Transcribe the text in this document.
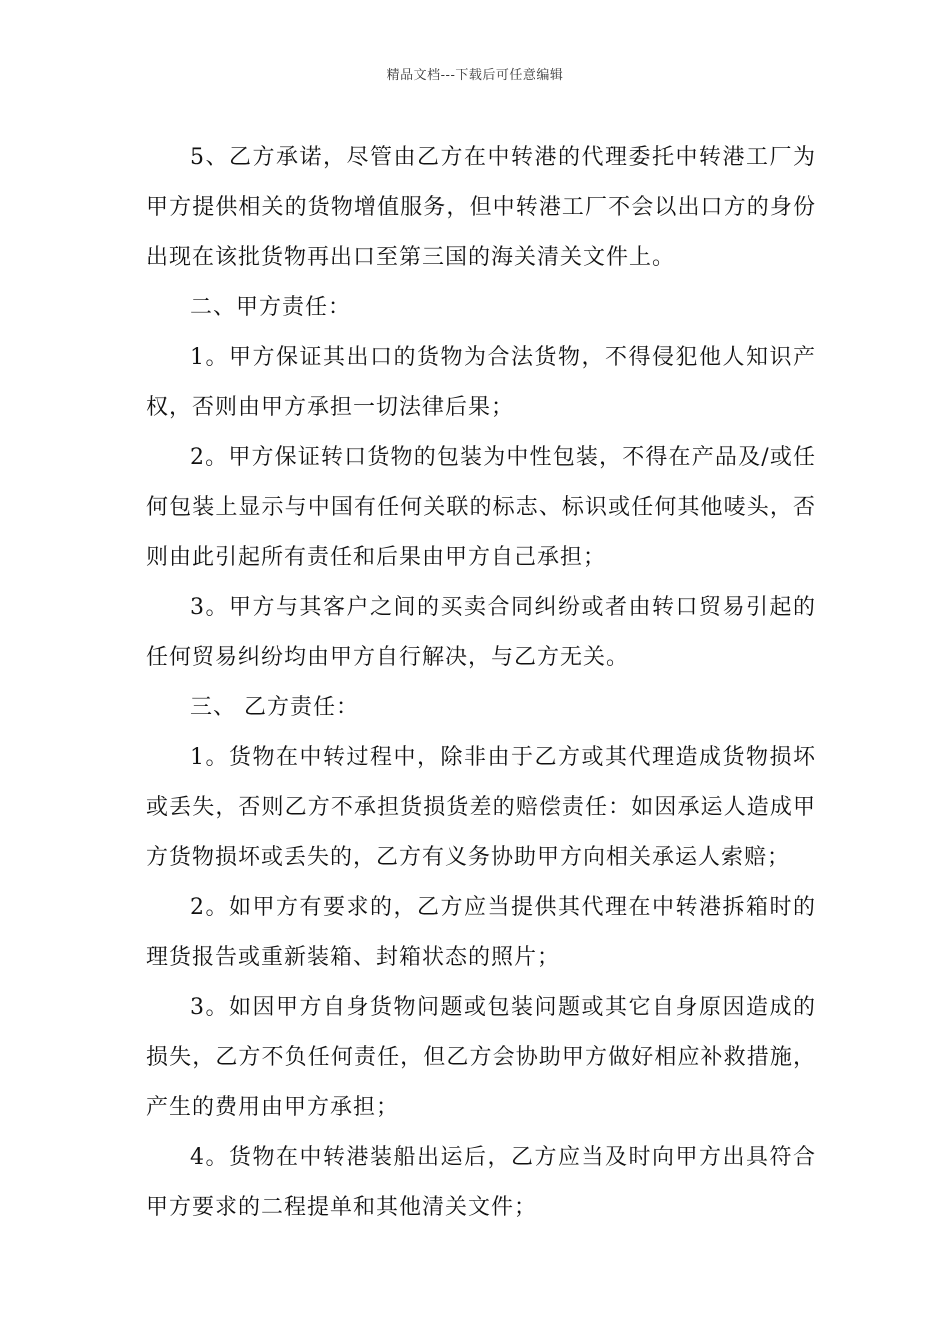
精品文档---下载后可任意编辑

5、乙方承诺，尽管由乙方在中转港的代理委托中转港工厂为甲方提供相关的货物增值服务，但中转港工厂不会以出口方的身份出现在该批货物再出口至第三国的海关清关文件上。

二、甲方责任：

1。甲方保证其出口的货物为合法货物，不得侵犯他人知识产权，否则由甲方承担一切法律后果；

2。甲方保证转口货物的包装为中性包装，不得在产品及/或任何包装上显示与中国有任何关联的标志、标识或任何其他唛头，否则由此引起所有责任和后果由甲方自己承担；

3。甲方与其客户之间的买卖合同纠纷或者由转口贸易引起的任何贸易纠纷均由甲方自行解决，与乙方无关。

三、 乙方责任：

1。货物在中转过程中，除非由于乙方或其代理造成货物损坏或丢失，否则乙方不承担货损货差的赔偿责任：如因承运人造成甲方货物损坏或丢失的，乙方有义务协助甲方向相关承运人索赔；

2。如甲方有要求的，乙方应当提供其代理在中转港拆箱时的理货报告或重新装箱、封箱状态的照片；

3。如因甲方自身货物问题或包装问题或其它自身原因造成的损失，乙方不负任何责任，但乙方会协助甲方做好相应补救措施，产生的费用由甲方承担；

4。货物在中转港装船出运后，乙方应当及时向甲方出具符合甲方要求的二程提单和其他清关文件；
